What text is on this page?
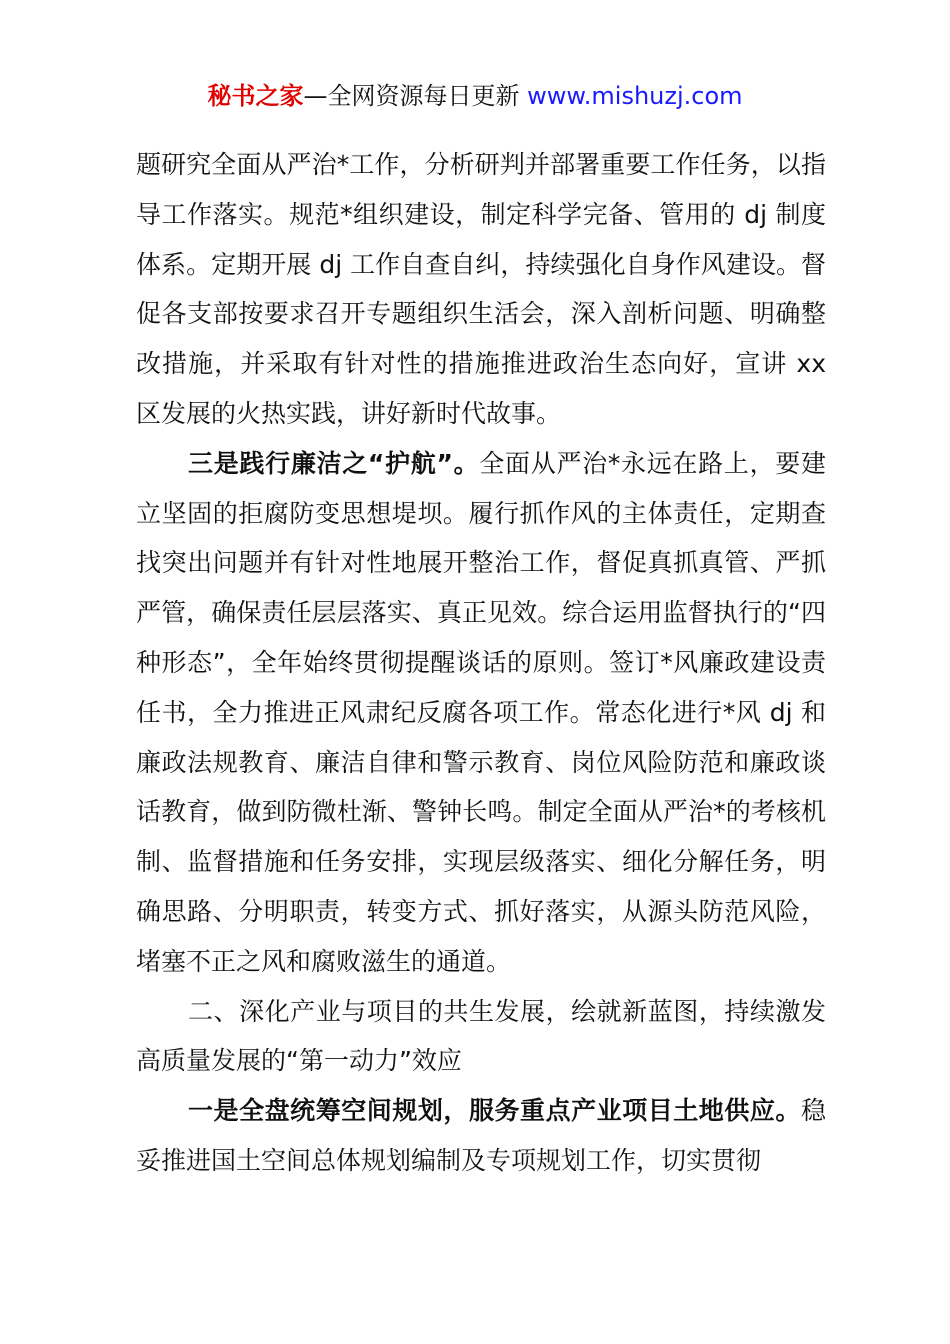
秘书之家—全网资源每日更新 www.mishuzj.com

题研究全面从严治*工作，分析研判并部署重要工作任务，以指导工作落实。规范*组织建设，制定科学完备、管用的 dj 制度体系。定期开展 dj 工作自查自纠，持续强化自身作风建设。督促各支部按要求召开专题组织生活会，深入剖析问题、明确整改措施，并采取有针对性的措施推进政治生态向好，宣讲 xx 区发展的火热实践，讲好新时代故事。

三是践行廉洁之“护航”。全面从严治*永远在路上，要建立坚固的拒腐防变思想堤坝。履行抓作风的主体责任，定期查找突出问题并有针对性地展开整治工作，督促真抓真管、严抓严管，确保责任层层落实、真正见效。综合运用监督执行的“四种形态”，全年始终贯彻提醒谈话的原则。签订*风廉政建设责任书，全力推进正风肃纪反腐各项工作。常态化进行*风 dj 和廉政法规教育、廉洁自律和警示教育、岗位风险防范和廉政谈话教育，做到防微杜渐、警钟长鸣。制定全面从严治*的考核机制、监督措施和任务安排，实现层级落实、细化分解任务，明确思路、分明职责，转变方式、抓好落实，从源头防范风险，堵塞不正之风和腐败滋生的通道。

二、深化产业与项目的共生发展，绘就新蓝图，持续激发高质量发展的“第一动力”效应

一是全盘统筹空间规划，服务重点产业项目土地供应。稳妥推进国土空间总体规划编制及专项规划工作，切实贯彻
